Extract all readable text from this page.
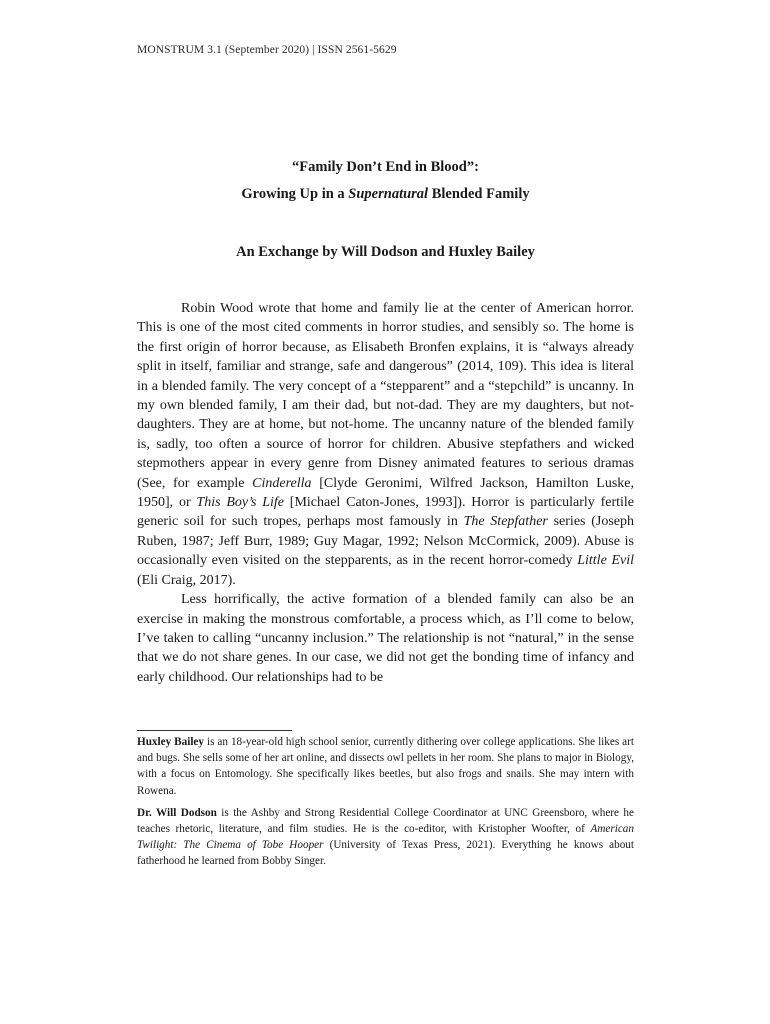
MONSTRUM 3.1 (September 2020) | ISSN 2561-5629
“Family Don’t End in Blood”:
Growing Up in a Supernatural Blended Family
An Exchange by Will Dodson and Huxley Bailey

Robin Wood wrote that home and family lie at the center of American horror. This is one of the most cited comments in horror studies, and sensibly so. The home is the first origin of horror because, as Elisabeth Bronfen explains, it is “always already split in itself, familiar and strange, safe and dangerous” (2014, 109). This idea is literal in a blended family. The very concept of a “stepparent” and a “stepchild” is uncanny. In my own blended family, I am their dad, but not-dad. They are my daughters, but not-daughters. They are at home, but not-home. The uncanny nature of the blended family is, sadly, too often a source of horror for children. Abusive stepfathers and wicked stepmothers appear in every genre from Disney animated features to serious dramas (See, for example Cinderella [Clyde Geronimi, Wilfred Jackson, Hamilton Luske, 1950], or This Boy’s Life [Michael Caton-Jones, 1993]). Horror is particularly fertile generic soil for such tropes, perhaps most famously in The Stepfather series (Joseph Ruben, 1987; Jeff Burr, 1989; Guy Magar, 1992; Nelson McCormick, 2009). Abuse is occasionally even visited on the stepparents, as in the recent horror-comedy Little Evil (Eli Craig, 2017).

Less horrifically, the active formation of a blended family can also be an exercise in making the monstrous comfortable, a process which, as I’ll come to below, I’ve taken to calling “uncanny inclusion.” The relationship is not “natural,” in the sense that we do not share genes. In our case, we did not get the bonding time of infancy and early childhood. Our relationships had to be

Huxley Bailey is an 18-year-old high school senior, currently dithering over college applications. She likes art and bugs. She sells some of her art online, and dissects owl pellets in her room. She plans to major in Biology, with a focus on Entomology. She specifically likes beetles, but also frogs and snails. She may intern with Rowena.

Dr. Will Dodson is the Ashby and Strong Residential College Coordinator at UNC Greensboro, where he teaches rhetoric, literature, and film studies. He is the co-editor, with Kristopher Woofter, of American Twilight: The Cinema of Tobe Hooper (University of Texas Press, 2021). Everything he knows about fatherhood he learned from Bobby Singer.
